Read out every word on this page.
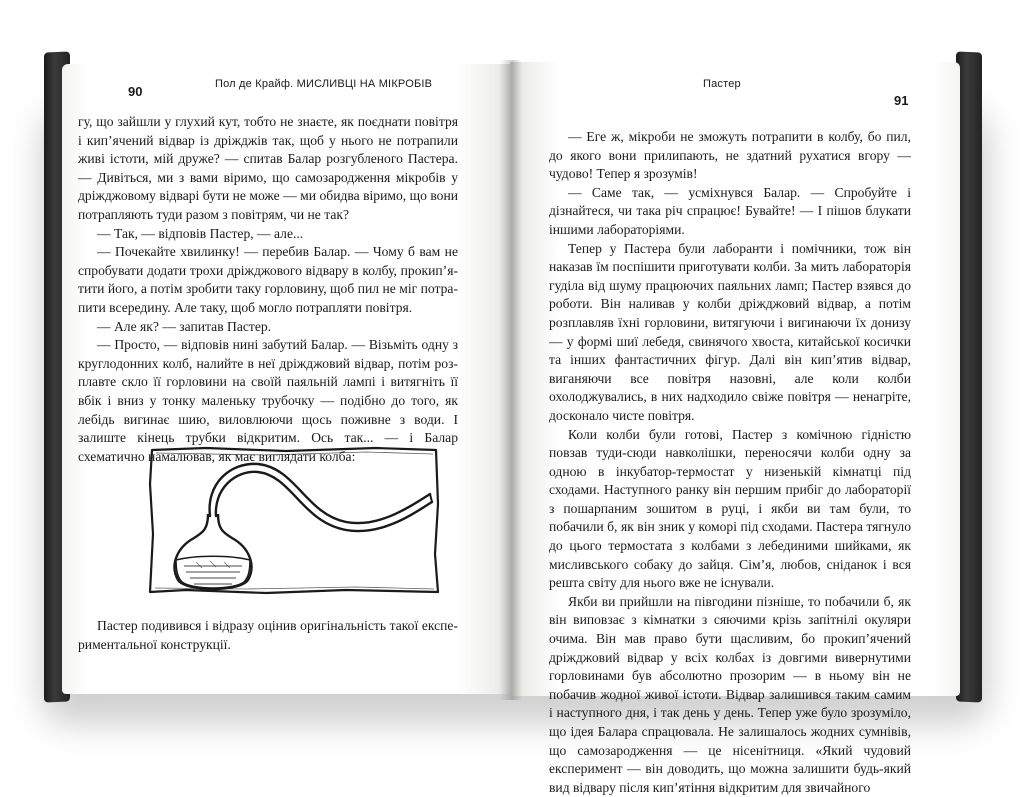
90	Пол де Крайф. МИСЛИВЦІ НА МІКРОБІВ	Пастер
91

гу, що зайшли у глухий кут, тобто не знаєте, як поєднати повітря і кип’ячений відвар із дріжджів так, щоб у нього не потрапили живі істоти, мій друже? — спитав Балар розгубленого Пастера. — Дивіться, ми з вами віримо, що самозародження мікробів у дріжджовому відварі бути не може — ми обидва віримо, що вони потрапляють туди разом з повітрям, чи не так?

— Так, — відповів Пастер, — але...

— Почекайте хвилинку! — перебив Балар. — Чому б вам не спробувати додати трохи дріжджового відвару в колбу, прокип’ятити його, а потім зробити таку горловину, щоб пил не міг потрапити всередину. Але таку, щоб могло потрапляти повітря.

— Але як? — запитав Пастер.

— Просто, — відповів нині забутий Балар. — Візьміть одну з круглодонних колб, налийте в неї дріжджовий відвар, потім розплавте скло її горловини на своїй паяльній лампі і витягніть її вбік і вниз у тонку маленьку трубочку — подібно до того, як лебідь вигинає шию, виловлюючи щось поживне з води. І залиште кінець трубки відкритим. Ось так... — і Балар схематично намалював, як має виглядати колба:

Пастер подивився і відразу оцінив оригінальність такої експериментальної конструкції.

— Еге ж, мікроби не зможуть потрапити в колбу, бо пил, до якого вони прилипають, не здатний рухатися вгору — чудово! Тепер я зрозумів!

— Саме так, — усміхнувся Балар. — Спробуйте і дізнайтеся, чи така річ спрацює! Бувайте! — І пішов блукати іншими лабораторіями.

Тепер у Пастера були лаборанти і помічники, тож він наказав їм поспішити приготувати колби. За мить лабораторія гуділа від шуму працюючих паяльних ламп; Пастер взявся до роботи. Він наливав у колби дріжджовий відвар, а потім розплавляв їхні горловини, витягуючи і вигинаючи їх донизу — у формі шиї лебедя, свинячого хвоста, китайської косички та інших фантастичних фігур. Далі він кип’ятив відвар, виганяючи все повітря назовні, але коли колби охолоджувались, в них надходило свіже повітря — ненагріте, досконало чисте повітря.

Коли колби були готові, Пастер з комічною гідністю повзав туди-сюди навколішки, переносячи колби одну за одною в інкубатор-термостат у низенькій кімнатці під сходами. Наступного ранку він першим прибіг до лабораторії з пошарпаним зошитом в руці, і якби ви там були, то побачили б, як він зник у коморі під сходами. Пастера тягнуло до цього термостата з колбами з лебединими шийками, як мисливського собаку до зайця. Сім’я, любов, сніданок і вся решта світу для нього вже не існували.

Якби ви прийшли на півгодини пізніше, то побачили б, як він виповзає з кімнатки з сяючими крізь запітнілі окуляри очима. Він мав право бути щасливим, бо прокип’ячений дріжджовий відвар у всіх колбах із довгими вивернутими горловинами був абсолютно прозорим — в ньому він не побачив жодної живої істоти. Відвар залишився таким самим і наступного дня, і так день у день. Тепер уже було зрозуміло, що ідея Балара спрацювала. Не залишалось жодних сумнівів, що самозародження — це нісенітниця. «Який чудовий експеримент — він доводить, що можна залишити будь-який вид відвару після кип’ятіння відкритим для звичайного
